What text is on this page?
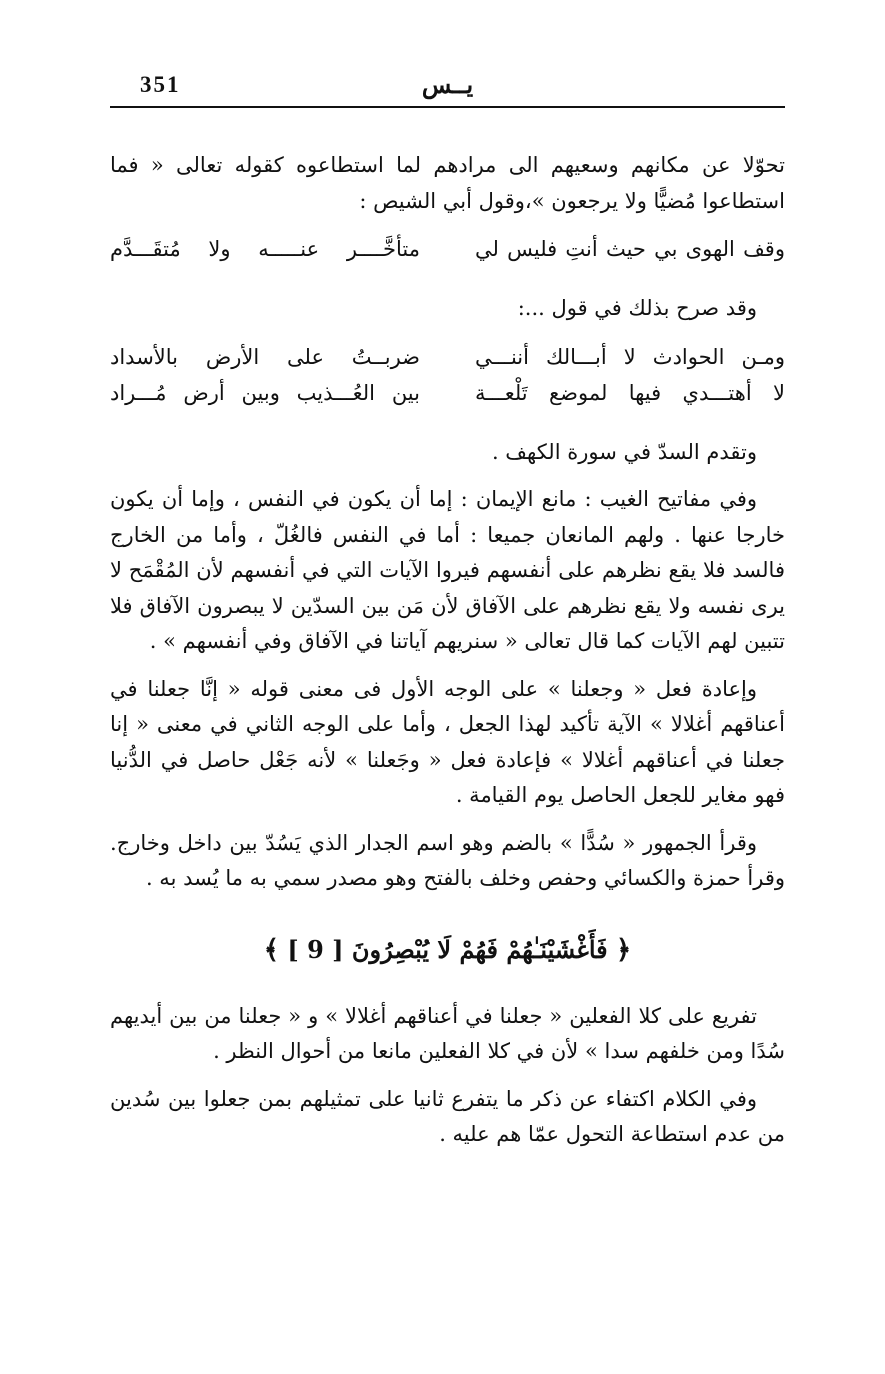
351	يــس

تحوّلا عن مكانهم وسعيهم الى مرادهم لما استطاعوه كقوله تعالى « فما استطاعوا مُضيًّا ولا يرجعون »،وقول أبي الشيص :

وقف الهوى بي حيث أنتِ فليس لي
متأخَّــــر عنـــــه ولا مُتقَـــدَّم

وقد صرح بذلك في قول ...:

ومـن الحوادث لا أبـــالك أننـــي
ضربــتُ على الأرض بالأسداد
لا أهتـــدي فيها لموضع تَلْعـــة
بين العُـــذيب وبين أرض مُـــراد

وتقدم السدّ في سورة الكهف .

وفي مفاتيح الغيب : مانع الإيمان : إما أن يكون في النفس ، وإما أن يكون خارجا عنها . ولهم المانعان جميعا : أما في النفس فالغُلّ ، وأما من الخارج فالسد فلا يقع نظرهم على أنفسهم فيروا الآيات التي في أنفسهم لأن المُقْمَح لا يرى نفسه ولا يقع نظرهم على الآفاق لأن مَن بين السدّين لا يبصرون الآفاق فلا تتبين لهم الآيات كما قال تعالى « سنريهم آياتنا في الآفاق وفي أنفسهم » .

وإعادة فعل « وجعلنا » على الوجه الأول فى معنى قوله « إنَّا جعلنا في أعناقهم أغلالا » الآية تأكيد لهذا الجعل ، وأما على الوجه الثاني في معنى « إنا جعلنا في أعناقهم أغلالا » فإعادة فعل « وجَعلنا » لأنه جَعْل حاصل في الدُّنيا فهو مغاير للجعل الحاصل يوم القيامة .

وقرأ الجمهور « سُدًّا » بالضم وهو اسم الجدار الذي يَسُدّ بين داخل وخارج. وقرأ حمزة والكسائي وحفص وخلف بالفتح وهو مصدر سمي به ما يُسد به .

﴿ فَأَغْشَيْنَـٰهُمْ فَهُمْ لَا يُبْصِرُونَ [ 9 ] ﴾

تفريع على كلا الفعلين « جعلنا في أعناقهم أغلالا » و « جعلنا من بين أيديهم سُدًا ومن خلفهم سدا » لأن في كلا الفعلين مانعا من أحوال النظر .

وفي الكلام اكتفاء عن ذكر ما يتفرع ثانيا على تمثيلهم بمن جعلوا بين سُدين من عدم استطاعة التحول عمّا هم عليه .
